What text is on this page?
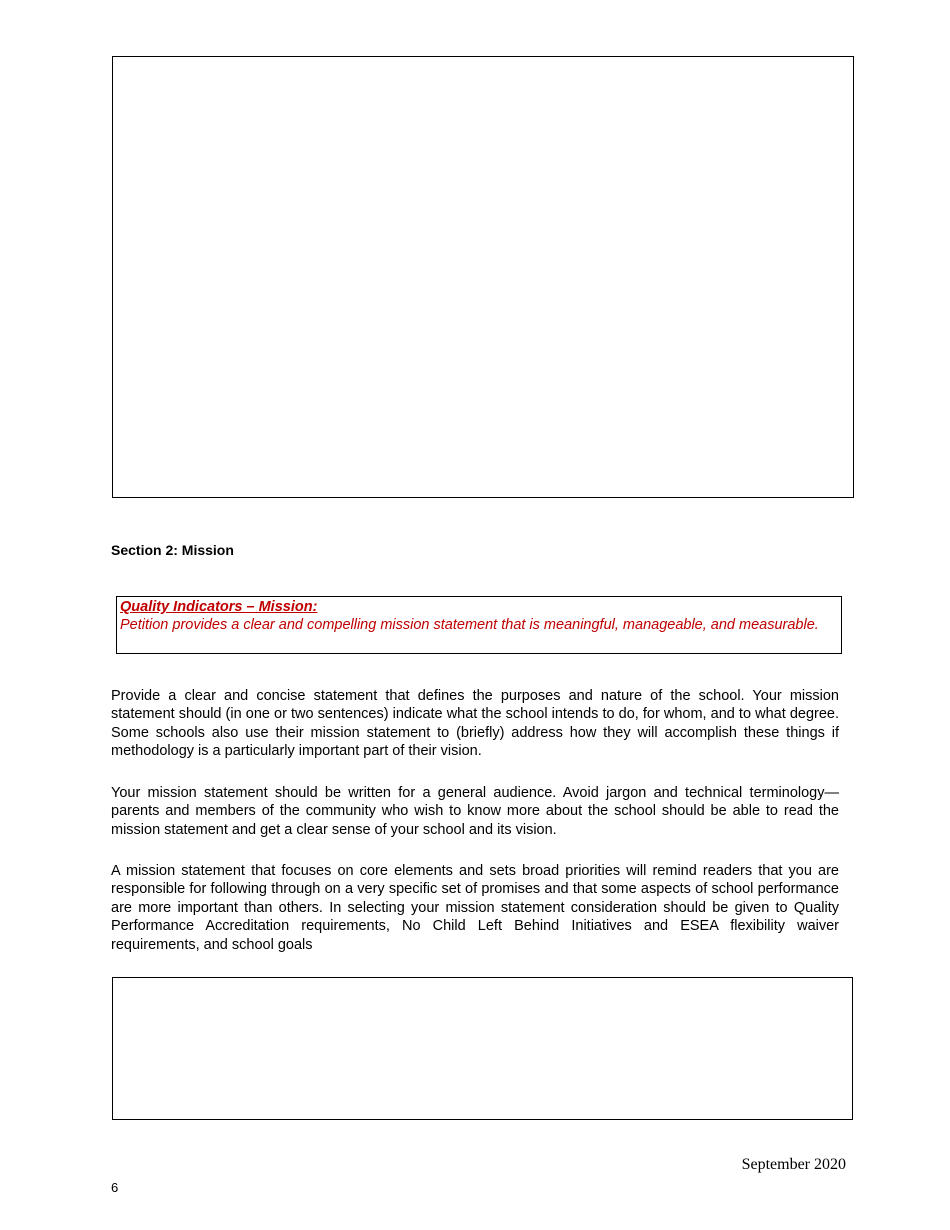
Section 2: Mission
Quality Indicators – Mission:
Petition provides a clear and compelling mission statement that is meaningful, manageable, and measurable.

Provide a clear and concise statement that defines the purposes and nature of the school. Your mission statement should (in one or two sentences) indicate what the school intends to do, for whom, and to what degree. Some schools also use their mission statement to (briefly) address how they will accomplish these things if methodology is a particularly important part of their vision.

Your mission statement should be written for a general audience. Avoid jargon and technical terminology—parents and members of the community who wish to know more about the school should be able to read the mission statement and get a clear sense of your school and its vision.

A mission statement that focuses on core elements and sets broad priorities will remind readers that you are responsible for following through on a very specific set of promises and that some aspects of school performance are more important than others. In selecting your mission statement consideration should be given to Quality Performance Accreditation requirements, No Child Left Behind Initiatives and ESEA flexibility waiver requirements, and school goals

September 2020
6
